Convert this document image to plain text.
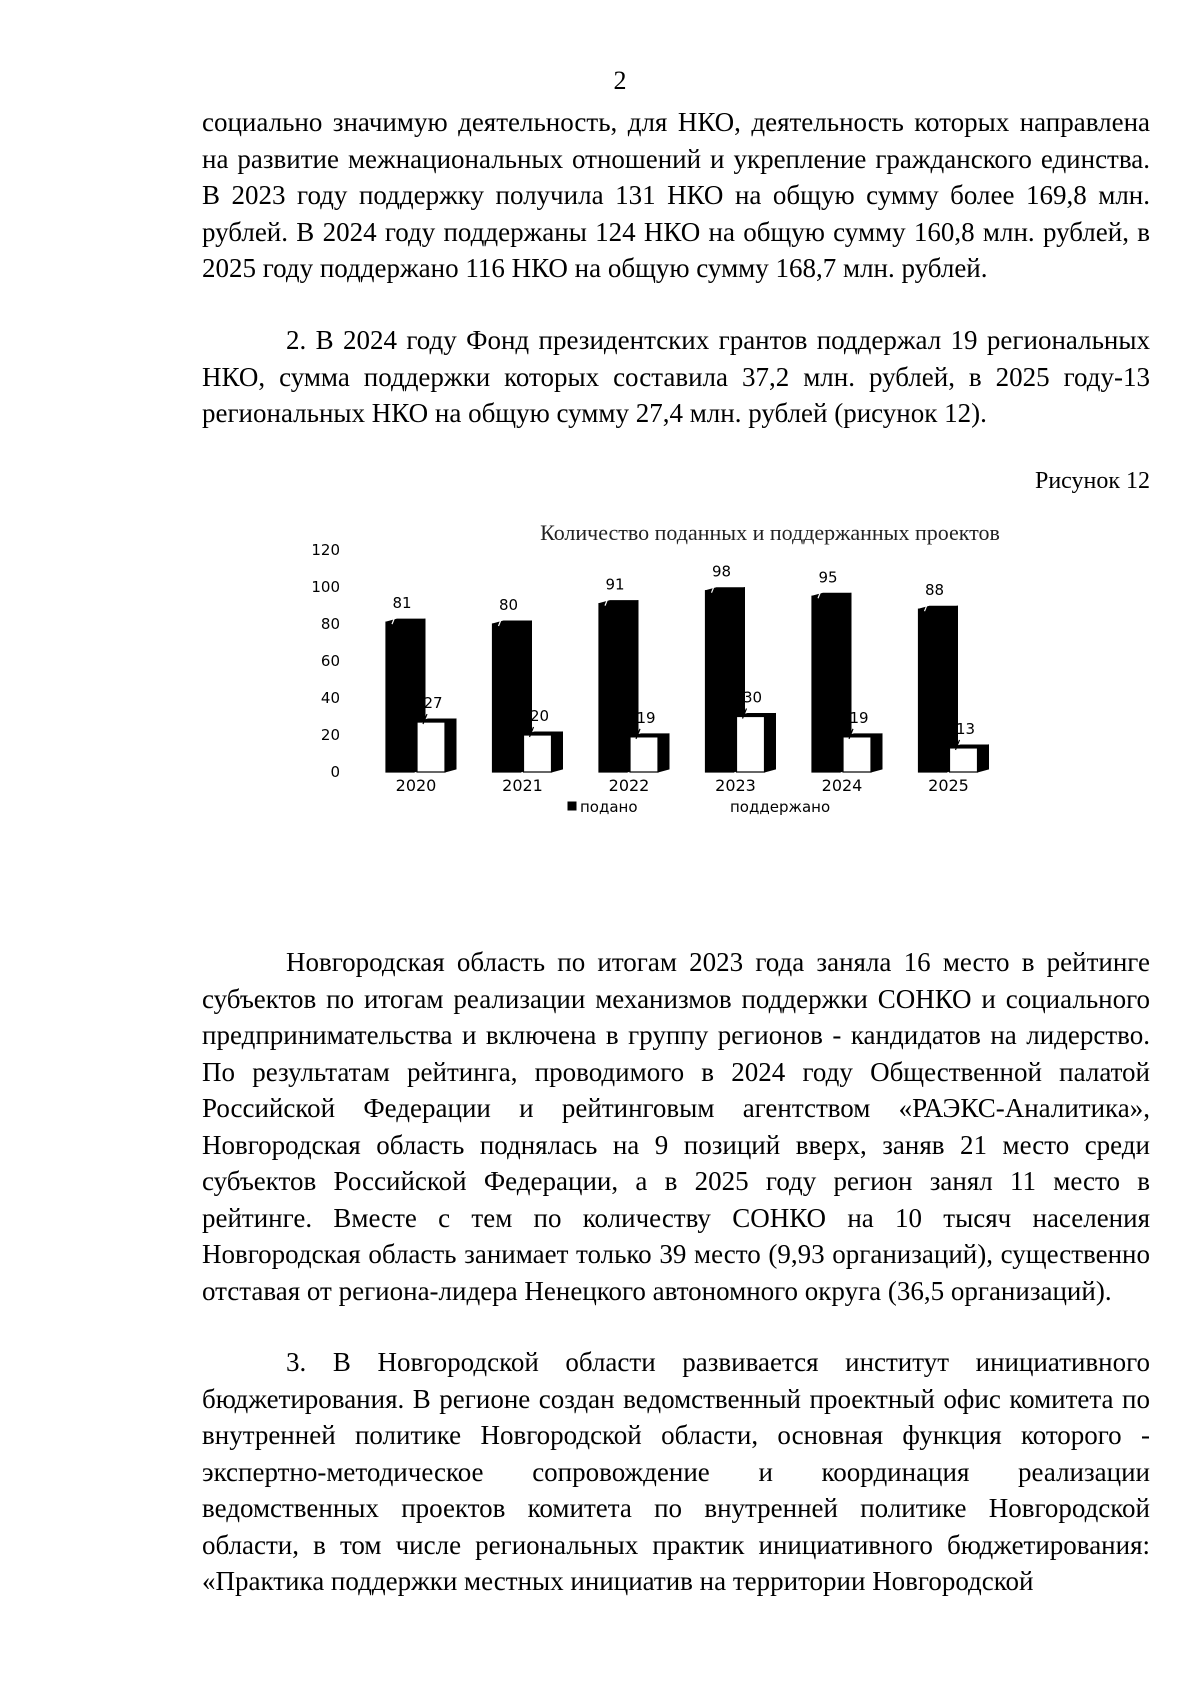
2

социально значимую деятельность, для НКО, деятельность которых направлена на развитие межнациональных отношений и укрепление гражданского единства. В 2023 году поддержку получила 131 НКО на общую сумму более 169,8 млн. рублей. В 2024 году поддержаны 124 НКО на общую сумму 160,8 млн. рублей, в 2025 году поддержано 116 НКО на общую сумму 168,7 млн. рублей.

2. В 2024 году Фонд президентских грантов поддержал 19 региональных НКО, сумма поддержки которых составила 37,2 млн. рублей, в 2025 году-13 региональных НКО на общую сумму 27,4 млн. рублей (рисунок 12).

Рисунок 12
Количество поданных и поддержанных проектов
0
20
40
60
80
100
120
81
27
2020
80
20
2021
91
19
2022
98
30
2023
95
19
2024
88
13
2025
подано	поддержано

Новгородская область по итогам 2023 года заняла 16 место в рейтинге субъектов по итогам реализации механизмов поддержки СОНКО и социального предпринимательства и включена в группу регионов - кандидатов на лидерство. По результатам рейтинга, проводимого в 2024 году Общественной палатой Российской Федерации и рейтинговым агентством «РАЭКС-Аналитика», Новгородская область поднялась на 9 позиций вверх, заняв 21 место среди субъектов Российской Федерации, а в 2025 году регион занял 11 место в рейтинге. Вместе с тем по количеству СОНКО на 10 тысяч населения Новгородская область занимает только 39 место (9,93 организаций), существенно отставая от региона-лидера Ненецкого автономного округа (36,5 организаций).

3. В Новгородской области развивается институт инициативного бюджетирования. В регионе создан ведомственный проектный офис комитета по внутренней политике Новгородской области, основная функция которого - экспертно-методическое сопровождение и координация реализации ведомственных проектов комитета по внутренней политике Новгородской области, в том числе региональных практик инициативного бюджетирования: «Практика поддержки местных инициатив на территории Новгородской
